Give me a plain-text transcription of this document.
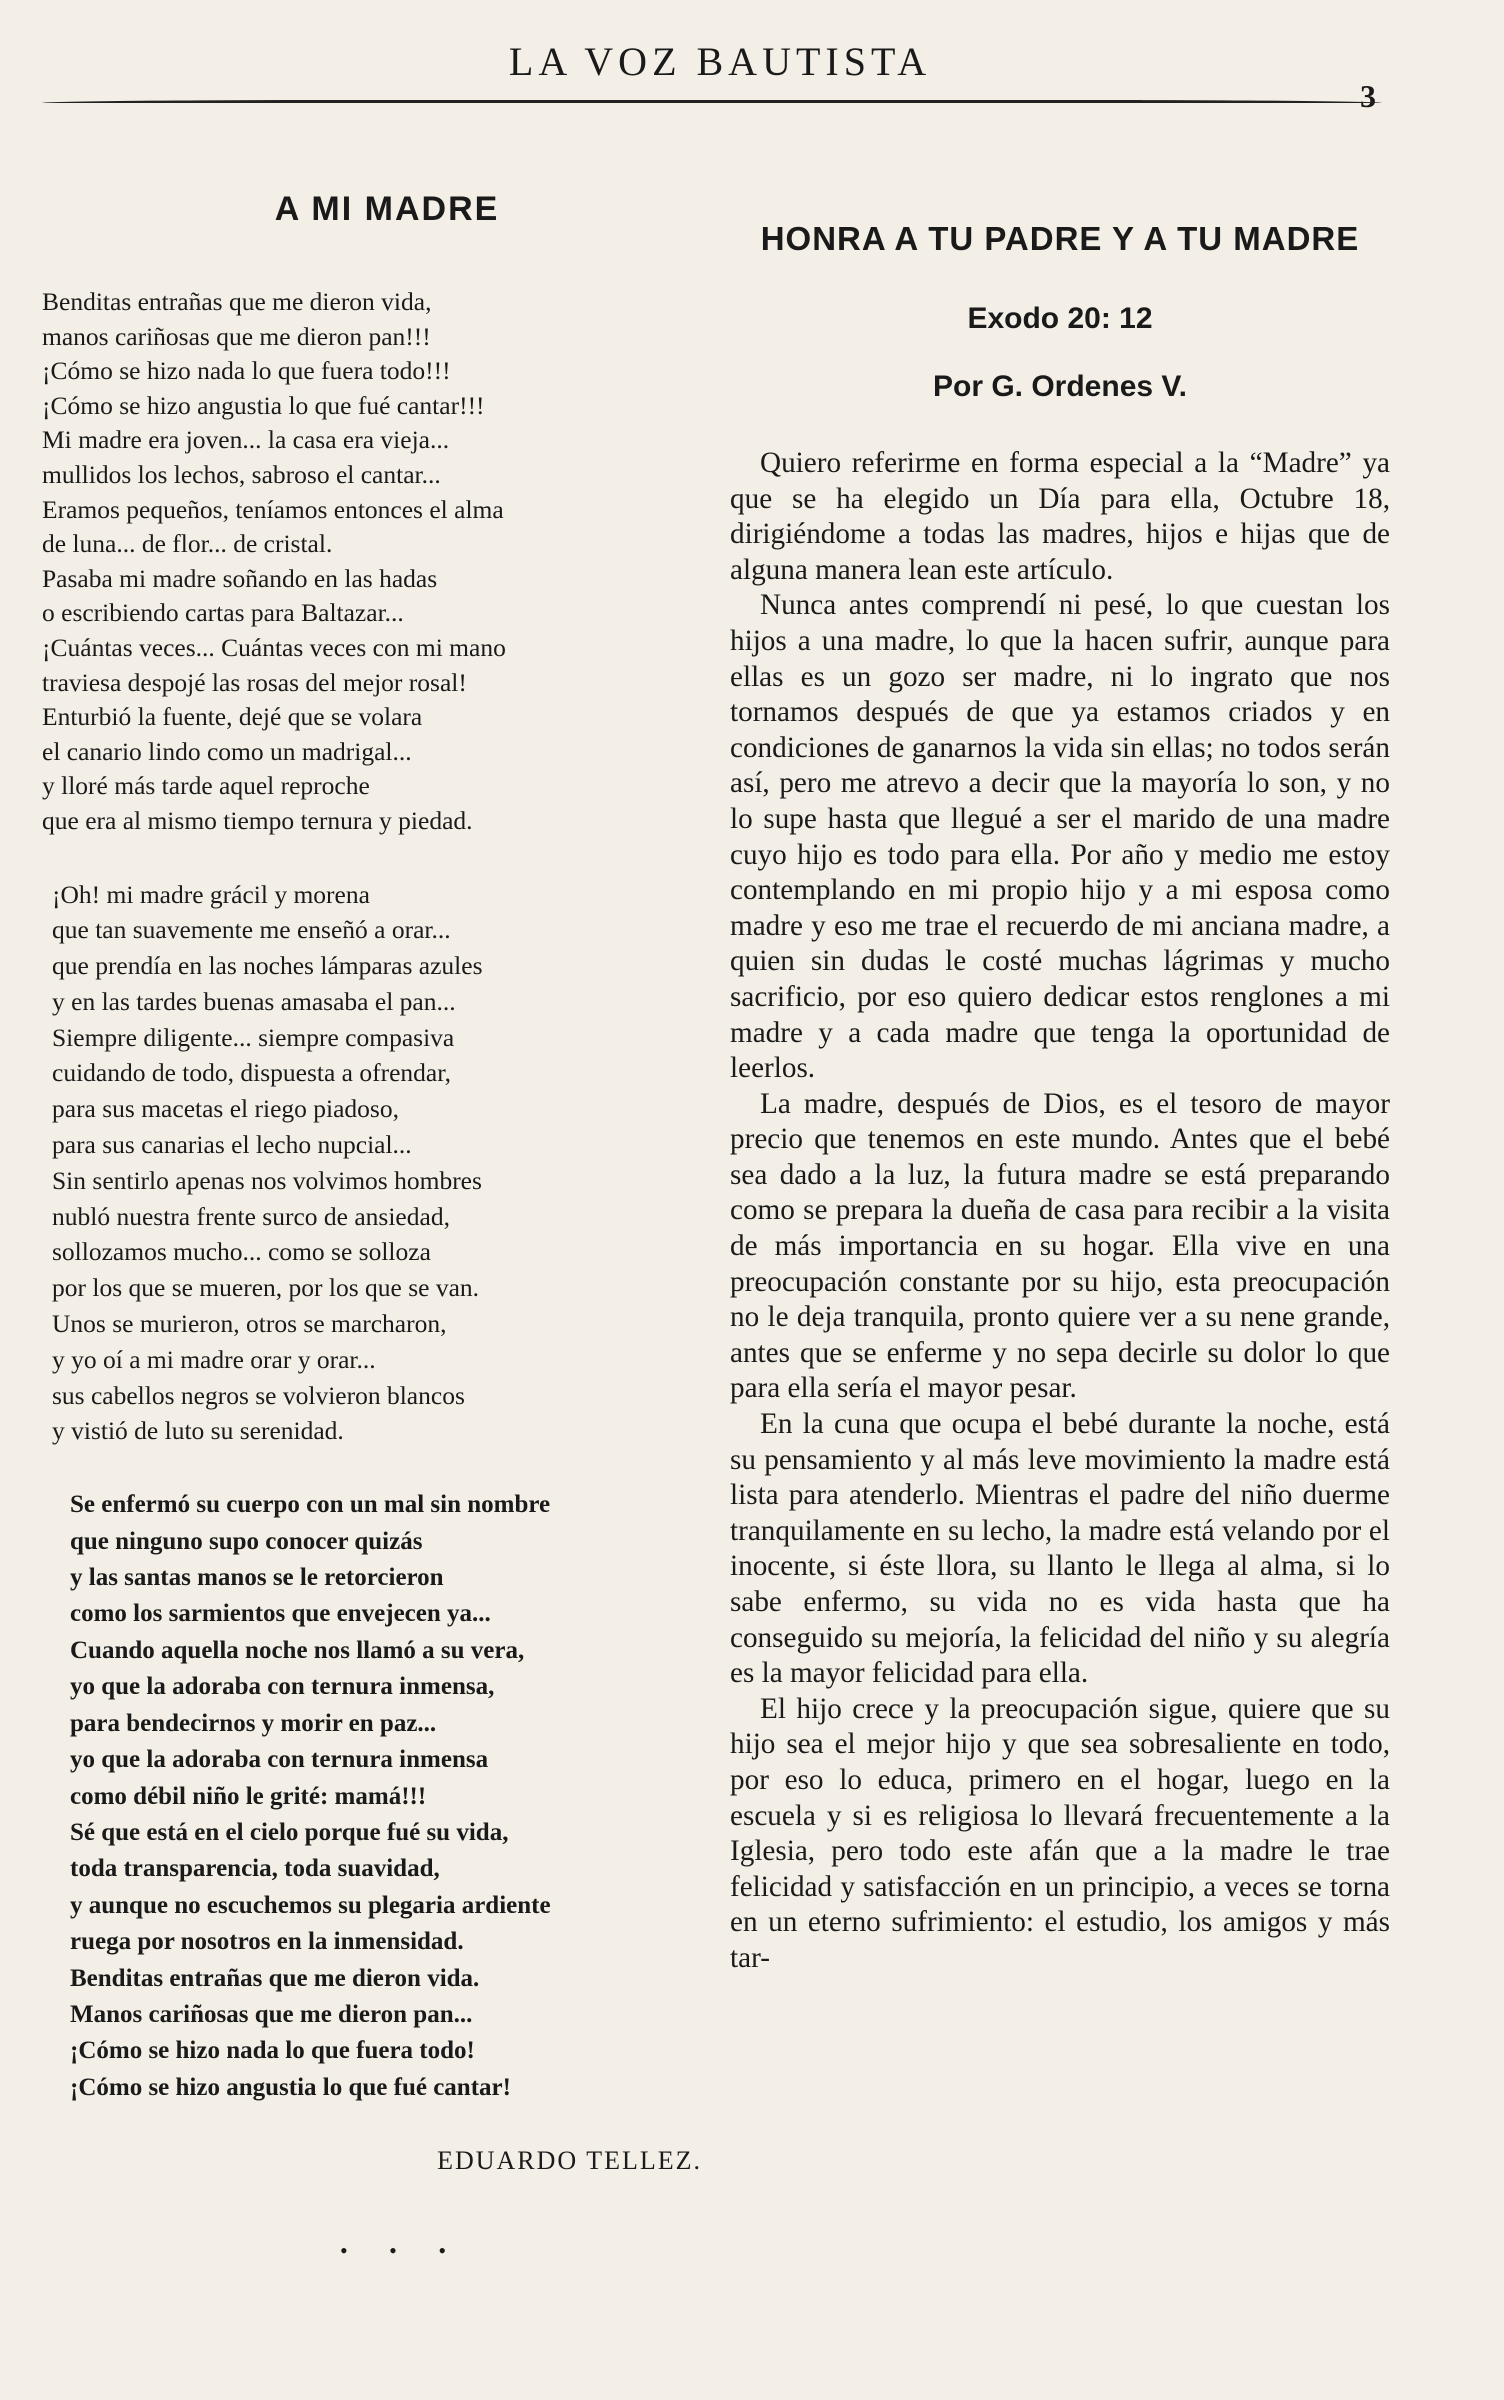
LA VOZ BAUTISTA
3
A MI MADRE
Benditas entrañas que me dieron vida,
manos cariñosas que me dieron pan!!!
¡Cómo se hizo nada lo que fuera todo!!!
¡Cómo se hizo angustia lo que fué cantar!!!
Mi madre era joven... la casa era vieja...
mullidos los lechos, sabroso el cantar...
Eramos pequeños, teníamos entonces el alma
de luna... de flor... de cristal.
Pasaba mi madre soñando en las hadas
o escribiendo cartas para Baltazar...
¡Cuántas veces... Cuántas veces con mi mano
traviesa despojé las rosas del mejor rosal!
Enturbió la fuente, dejé que se volara
el canario lindo como un madrigal...
y lloré más tarde aquel reproche
que era al mismo tiempo ternura y piedad.
¡Oh! mi madre grácil y morena
que tan suavemente me enseñó a orar...
que prendía en las noches lámparas azules
y en las tardes buenas amasaba el pan...
Siempre diligente... siempre compasiva
cuidando de todo, dispuesta a ofrendar,
para sus macetas el riego piadoso,
para sus canarias el lecho nupcial...
Sin sentirlo apenas nos volvimos hombres
nubló nuestra frente surco de ansiedad,
sollozamos mucho... como se solloza
por los que se mueren, por los que se van.
Unos se murieron, otros se marcharon,
y yo oí a mi madre orar y orar...
sus cabellos negros se volvieron blancos
y vistió de luto su serenidad.
Se enfermó su cuerpo con un mal sin nombre
que ninguno supo conocer quizás
y las santas manos se le retorcieron
como los sarmientos que envejecen ya...
Cuando aquella noche nos llamó a su vera,
yo que la adoraba con ternura inmensa,
para bendecirnos y morir en paz...
yo que la adoraba con ternura inmensa
como débil niño le grité: mamá!!!
Sé que está en el cielo porque fué su vida,
toda transparencia, toda suavidad,
y aunque no escuchemos su plegaria ardiente
ruega por nosotros en la inmensidad.
Benditas entrañas que me dieron vida.
Manos cariñosas que me dieron pan...
¡Cómo se hizo nada lo que fuera todo!
¡Cómo se hizo angustia lo que fué cantar!
EDUARDO TELLEZ.
• • •
HONRA A TU PADRE Y A TU MADRE
Exodo 20: 12
Por G. Ordenes V.

Quiero referirme en forma especial a la “Madre” ya que se ha elegido un Día para ella, Octubre 18, dirigiéndome a todas las madres, hijos e hijas que de alguna manera lean este artículo.

Nunca antes comprendí ni pesé, lo que cuestan los hijos a una madre, lo que la hacen sufrir, aunque para ellas es un gozo ser madre, ni lo ingrato que nos tornamos después de que ya estamos criados y en condiciones de ganarnos la vida sin ellas; no todos serán así, pero me atrevo a decir que la mayoría lo son, y no lo supe hasta que llegué a ser el marido de una madre cuyo hijo es todo para ella. Por año y medio me estoy contemplando en mi propio hijo y a mi esposa como madre y eso me trae el recuerdo de mi anciana madre, a quien sin dudas le costé muchas lágrimas y mucho sacrificio, por eso quiero dedicar estos renglones a mi madre y a cada madre que tenga la oportunidad de leerlos.

La madre, después de Dios, es el tesoro de mayor precio que tenemos en este mundo. Antes que el bebé sea dado a la luz, la futura madre se está preparando como se prepara la dueña de casa para recibir a la visita de más importancia en su hogar. Ella vive en una preocupación constante por su hijo, esta preocupación no le deja tranquila, pronto quiere ver a su nene grande, antes que se enferme y no sepa decirle su dolor lo que para ella sería el mayor pesar.

En la cuna que ocupa el bebé durante la noche, está su pensamiento y al más leve movimiento la madre está lista para atenderlo. Mientras el padre del niño duerme tranquilamente en su lecho, la madre está velando por el inocente, si éste llora, su llanto le llega al alma, si lo sabe enfermo, su vida no es vida hasta que ha conseguido su mejoría, la felicidad del niño y su alegría es la mayor felicidad para ella.

El hijo crece y la preocupación sigue, quiere que su hijo sea el mejor hijo y que sea sobresaliente en todo, por eso lo educa, primero en el hogar, luego en la escuela y si es religiosa lo llevará frecuentemente a la Iglesia, pero todo este afán que a la madre le trae felicidad y satisfacción en un principio, a veces se torna en un eterno sufrimiento: el estudio, los amigos y más tar-
